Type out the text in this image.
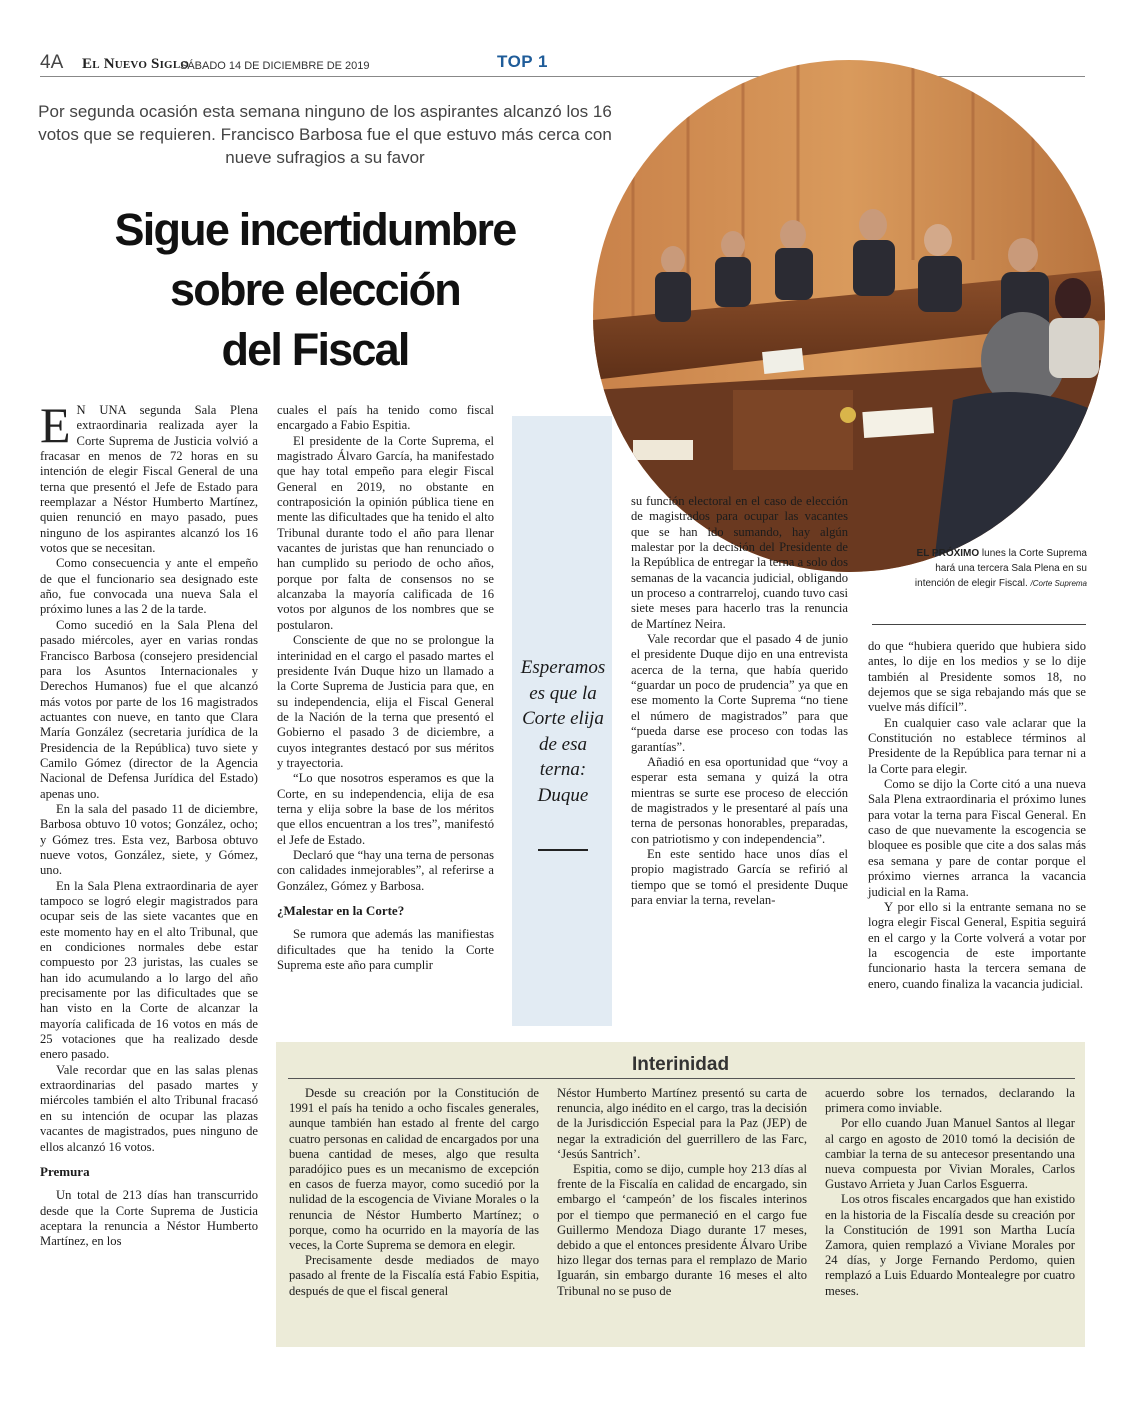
4A El Nuevo Siglo
SÁBADO 14 DE DICIEMBRE DE 2019	TOP 1
Por segunda ocasión esta semana ninguno de los aspirantes alcanzó los 16 votos que se requieren. Francisco Barbosa fue el que estuvo más cerca con nueve sufragios a su favor
Sigue incertidumbre
sobre elección
del Fiscal
EL PRÓXIMO lunes la Corte Suprema hará una tercera Sala Plena en su intención de elegir Fiscal. /Corte Suprema
Esperamos es que la Corte elija de esa terna: Duque

E N UNA segunda Sala Plena extraordinaria realizada ayer la Corte Suprema de Justicia volvió a fracasar en menos de 72 horas en su intención de elegir Fiscal General de una terna que presentó el Jefe de Estado para reemplazar a Néstor Humberto Martínez, quien renunció en mayo pasado, pues ninguno de los aspirantes alcanzó los 16 votos que se necesitan.

Como consecuencia y ante el empeño de que el funcionario sea designado este año, fue convocada una nueva Sala el próximo lunes a las 2 de la tarde.

Como sucedió en la Sala Plena del pasado miércoles, ayer en varias rondas Francisco Barbosa (consejero presidencial para los Asuntos Internacionales y Derechos Humanos) fue el que alcanzó más votos por parte de los 16 magistrados actuantes con nueve, en tanto que Clara María González (secretaria jurídica de la Presidencia de la República) tuvo siete y Camilo Gómez (director de la Agencia Nacional de Defensa Jurídica del Estado) apenas uno.

En la sala del pasado 11 de diciembre, Barbosa obtuvo 10 votos; González, ocho; y Gómez tres. Esta vez, Barbosa obtuvo nueve votos, González, siete, y Gómez, uno.

En la Sala Plena extraordinaria de ayer tampoco se logró elegir magistrados para ocupar seis de las siete vacantes que en este momento hay en el alto Tribunal, que en condiciones normales debe estar compuesto por 23 juristas, las cuales se han ido acumulando a lo largo del año precisamente por las dificultades que se han visto en la Corte de alcanzar la mayoría calificada de 16 votos en más de 25 votaciones que ha realizado desde enero pasado.

Vale recordar que en las salas plenas extraordinarias del pasado martes y miércoles también el alto Tribunal fracasó en su intención de ocupar las plazas vacantes de magistrados, pues ninguno de ellos alcanzó 16 votos.

Premura

Un total de 213 días han transcurrido desde que la Corte Suprema de Justicia aceptara la renuncia a Néstor Humberto Martínez, en los

cuales el país ha tenido como fiscal encargado a Fabio Espitia.

El presidente de la Corte Suprema, el magistrado Álvaro García, ha manifestado que hay total empeño para elegir Fiscal General en 2019, no obstante en contraposición la opinión pública tiene en mente las dificultades que ha tenido el alto Tribunal durante todo el año para llenar vacantes de juristas que han renunciado o han cumplido su periodo de ocho años, porque por falta de consensos no se alcanzaba la mayoría calificada de 16 votos por algunos de los nombres que se postularon.

Consciente de que no se prolongue la interinidad en el cargo el pasado martes el presidente Iván Duque hizo un llamado a la Corte Suprema de Justicia para que, en su independencia, elija el Fiscal General de la Nación de la terna que presentó el Gobierno el pasado 3 de diciembre, a cuyos integrantes destacó por sus méritos y trayectoria.

“Lo que nosotros esperamos es que la Corte, en su independencia, elija de esa terna y elija sobre la base de los méritos que ellos encuentran a los tres”, manifestó el Jefe de Estado.

Declaró que “hay una terna de personas con calidades inmejorables”, al referirse a González, Gómez y Barbosa.

¿Malestar en la Corte?

Se rumora que además las manifiestas dificultades que ha tenido la Corte Suprema este año para cumplir

su función electoral en el caso de elección de magistrados para ocupar las vacantes que se han ido sumando, hay algún malestar por la decisión del Presidente de la República de entregar la terna a solo dos semanas de la vacancia judicial, obligando un proceso a contrarreloj, cuando tuvo casi siete meses para hacerlo tras la renuncia de Martínez Neira.

Vale recordar que el pasado 4 de junio el presidente Duque dijo en una entrevista acerca de la terna, que había querido “guardar un poco de prudencia” ya que en ese momento la Corte Suprema “no tiene el número de magistrados” para que “pueda darse ese proceso con todas las garantías”.

Añadió en esa oportunidad que “voy a esperar esta semana y quizá la otra mientras se surte ese proceso de elección de magistrados y le presentaré al país una terna de personas honorables, preparadas, con patriotismo y con independencia”.

En este sentido hace unos días el propio magistrado García se refirió al tiempo que se tomó el presidente Duque para enviar la terna, revelan-

do que “hubiera querido que hubiera sido antes, lo dije en los medios y se lo dije también al Presidente somos 18, no dejemos que se siga rebajando más que se vuelve más difícil”.

En cualquier caso vale aclarar que la Constitución no establece términos al Presidente de la República para ternar ni a la Corte para elegir.

Como se dijo la Corte citó a una nueva Sala Plena extraordinaria el próximo lunes para votar la terna para Fiscal General. En caso de que nuevamente la escogencia se bloquee es posible que cite a dos salas más esa semana y pare de contar porque el próximo viernes arranca la vacancia judicial en la Rama.

Y por ello si la entrante semana no se logra elegir Fiscal General, Espitia seguirá en el cargo y la Corte volverá a votar por la escogencia de este importante funcionario hasta la tercera semana de enero, cuando finaliza la vacancia judicial.

Interinidad

Desde su creación por la Constitución de 1991 el país ha tenido a ocho fiscales generales, aunque también han estado al frente del cargo cuatro personas en calidad de encargados por una buena cantidad de meses, algo que resulta paradójico pues es un mecanismo de excepción en casos de fuerza mayor, como sucedió por la nulidad de la escogencia de Viviane Morales o la renuncia de Néstor Humberto Martínez; o porque, como ha ocurrido en la mayoría de las veces, la Corte Suprema se demora en elegir.

Precisamente desde mediados de mayo pasado al frente de la Fiscalía está Fabio Espitia, después de que el fiscal general

Néstor Humberto Martínez presentó su carta de renuncia, algo inédito en el cargo, tras la decisión de la Jurisdicción Especial para la Paz (JEP) de negar la extradición del guerrillero de las Farc, ‘Jesús Santrich’.

Espitia, como se dijo, cumple hoy 213 días al frente de la Fiscalía en calidad de encargado, sin embargo el ‘campeón’ de los fiscales interinos por el tiempo que permaneció en el cargo fue Guillermo Mendoza Diago durante 17 meses, debido a que el entonces presidente Álvaro Uribe hizo llegar dos ternas para el remplazo de Mario Iguarán, sin embargo durante 16 meses el alto Tribunal no se puso de

acuerdo sobre los ternados, declarando la primera como inviable.

Por ello cuando Juan Manuel Santos al llegar al cargo en agosto de 2010 tomó la decisión de cambiar la terna de su antecesor presentando una nueva compuesta por Vivian Morales, Carlos Gustavo Arrieta y Juan Carlos Esguerra.

Los otros fiscales encargados que han existido en la historia de la Fiscalía desde su creación por la Constitución de 1991 son Martha Lucía Zamora, quien remplazó a Viviane Morales por 24 días, y Jorge Fernando Perdomo, quien remplazó a Luis Eduardo Montealegre por cuatro meses.
